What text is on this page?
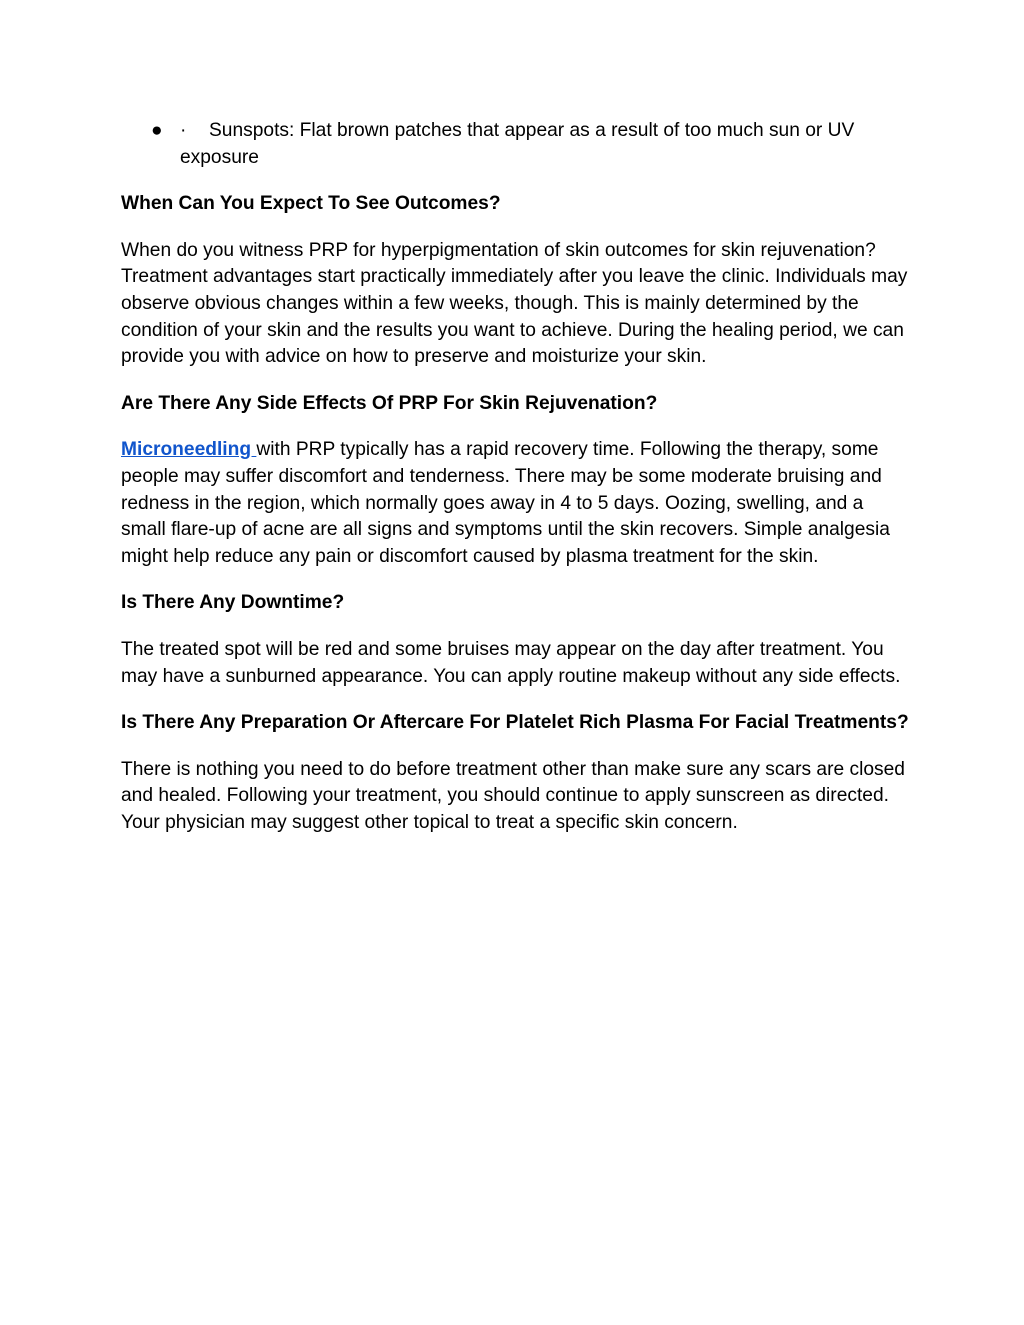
● · Sunspots: Flat brown patches that appear as a result of too much sun or UV exposure
When Can You Expect To See Outcomes?

When do you witness PRP for hyperpigmentation of skin outcomes for skin rejuvenation? Treatment advantages start practically immediately after you leave the clinic. Individuals may observe obvious changes within a few weeks, though. This is mainly determined by the condition of your skin and the results you want to achieve. During the healing period, we can provide you with advice on how to preserve and moisturize your skin.

Are There Any Side Effects Of PRP For Skin Rejuvenation?

Microneedling with PRP typically has a rapid recovery time. Following the therapy, some people may suffer discomfort and tenderness. There may be some moderate bruising and redness in the region, which normally goes away in 4 to 5 days. Oozing, swelling, and a small flare-up of acne are all signs and symptoms until the skin recovers. Simple analgesia might help reduce any pain or discomfort caused by plasma treatment for the skin.

Is There Any Downtime?

The treated spot will be red and some bruises may appear on the day after treatment. You may have a sunburned appearance. You can apply routine makeup without any side effects.

Is There Any Preparation Or Aftercare For Platelet Rich Plasma For Facial Treatments?

There is nothing you need to do before treatment other than make sure any scars are closed and healed. Following your treatment, you should continue to apply sunscreen as directed. Your physician may suggest other topical to treat a specific skin concern.
